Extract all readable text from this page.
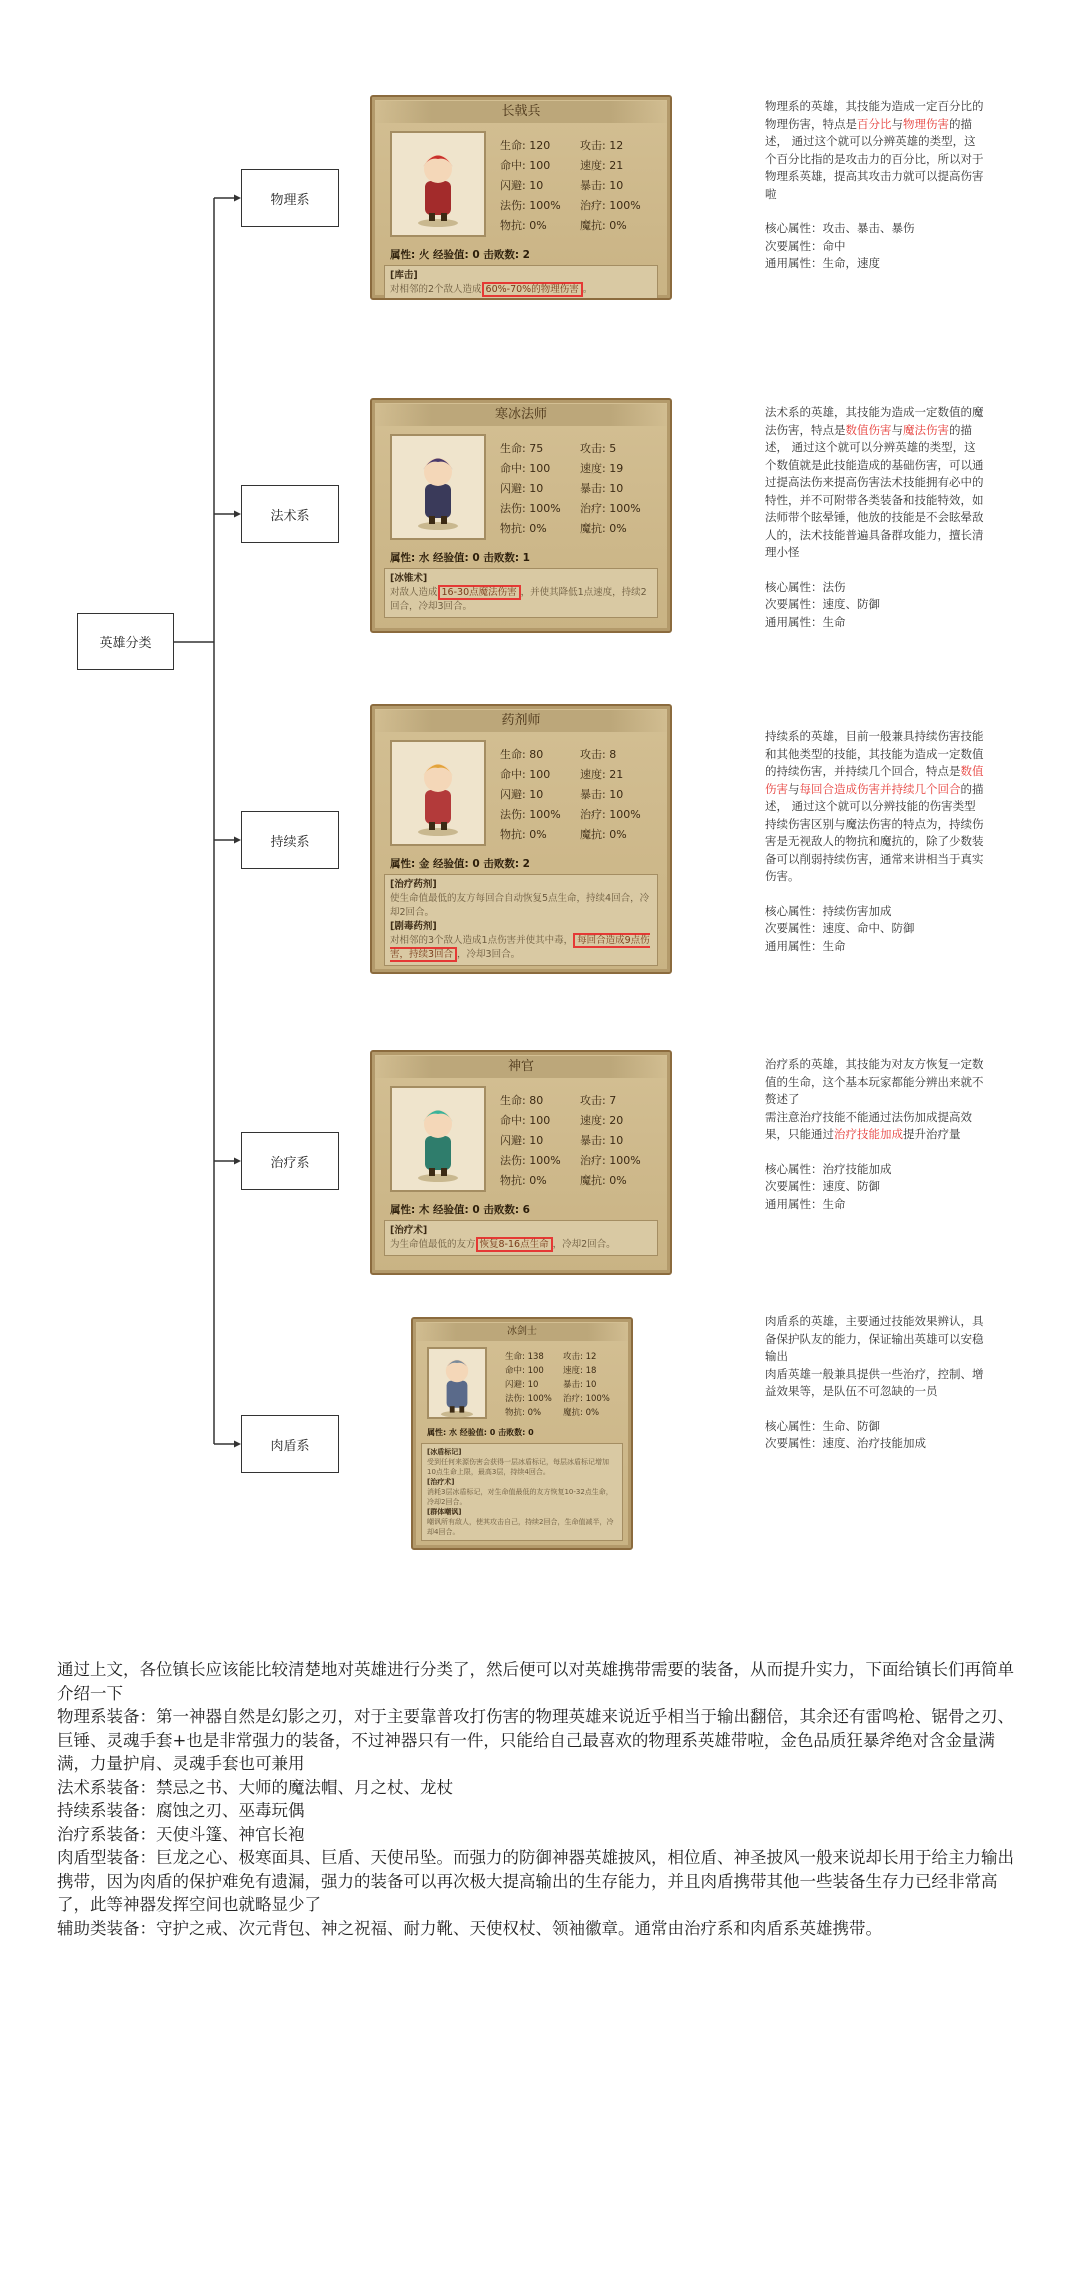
英雄分类
物理系
长戟兵
生命: 120	攻击: 12
命中: 100	速度: 21
闪避: 10	暴击: 10
法伤: 100%	治疗: 100%
物抗: 0%	魔抗: 0%
属性: 火 经验值: 0 击败数: 2
[库击]
对相邻的2个敌人造成 60%-70%的物理伤害 。
物理系的英雄，其技能为造成一定百分比的物理伤害，特点是百分比与物理伤害的描述， 通过这个就可以分辨英雄的类型，这个百分比指的是攻击力的百分比，所以对于物理系英雄，提高其攻击力就可以提高伤害啦
核心属性：攻击、暴击、暴伤
次要属性：命中
通用属性：生命，速度
法术系
寒冰法师
生命: 75	攻击: 5
命中: 100	速度: 19
闪避: 10	暴击: 10
法伤: 100%	治疗: 100%
物抗: 0%	魔抗: 0%
属性: 水 经验值: 0 击败数: 1
[冰锥术]
对敌人造成 16-30点魔法伤害 ，并使其降低1点速度，持续2回合，冷却3回合。
法术系的英雄，其技能为造成一定数值的魔法伤害，特点是数值伤害与魔法伤害的描述， 通过这个就可以分辨英雄的类型，这个数值就是此技能造成的基础伤害，可以通过提高法伤来提高伤害法术技能拥有必中的特性，并不可附带各类装备和技能特效，如法师带个眩晕锤，他放的技能是不会眩晕敌人的，法术技能普遍具备群攻能力，擅长清理小怪
核心属性：法伤
次要属性：速度、防御
通用属性：生命
持续系
药剂师
生命: 80	攻击: 8
命中: 100	速度: 21
闪避: 10	暴击: 10
法伤: 100%	治疗: 100%
物抗: 0%	魔抗: 0%
属性: 金 经验值: 0 击败数: 2
[治疗药剂]
使生命值最低的友方每回合自动恢复5点生命，持续4回合，冷却2回合。

[剧毒药剂]
对相邻的3个敌人造成1点伤害并使其中毒， 每回合造成9点伤害，持续3回合 ，冷却3回合。
持续系的英雄，目前一般兼具持续伤害技能和其他类型的技能，其技能为造成一定数值的持续伤害，并持续几个回合，特点是数值伤害与每回合造成伤害并持续几个回合的描述， 通过这个就可以分辨技能的伤害类型
持续伤害区别与魔法伤害的特点为，持续伤害是无视敌人的物抗和魔抗的，除了少数装备可以削弱持续伤害，通常来讲相当于真实伤害。
核心属性：持续伤害加成
次要属性：速度、命中、防御
通用属性：生命
治疗系
神官
生命: 80	攻击: 7
命中: 100	速度: 20
闪避: 10	暴击: 10
法伤: 100%	治疗: 100%
物抗: 0%	魔抗: 0%
属性: 木 经验值: 0 击败数: 6
[治疗术]
为生命值最低的友方 恢复8-16点生命 ，冷却2回合。
治疗系的英雄，其技能为对友方恢复一定数值的生命，这个基本玩家都能分辨出来就不赘述了
需注意治疗技能不能通过法伤加成提高效果，只能通过治疗技能加成提升治疗量
核心属性：治疗技能加成
次要属性：速度、防御
通用属性：生命
肉盾系
冰剑士
生命: 138	攻击: 12
命中: 100	速度: 18
闪避: 10	暴击: 10
法伤: 100%	治疗: 100%
物抗: 0%	魔抗: 0%
属性: 水 经验值: 0 击败数: 0
[冰盾标记]
受到任何来源伤害会获得一层冰盾标记，每层冰盾标记增加10点生命上限，最高3层，持续4回合。

[治疗术]
消耗3层冰盾标记，对生命值最低的友方恢复10-32点生命，冷却2回合。

[群体嘲讽]
嘲讽所有敌人，使其攻击自己，持续2回合，生命值减半，冷却4回合。
肉盾系的英雄，主要通过技能效果辨认，具备保护队友的能力，保证输出英雄可以安稳输出
肉盾英雄一般兼具提供一些治疗，控制、增益效果等，是队伍不可忽缺的一员
核心属性：生命、防御
次要属性：速度、治疗技能加成

通过上文，各位镇长应该能比较清楚地对英雄进行分类了，然后便可以对英雄携带需要的装备，从而提升实力，下面给镇长们再简单介绍一下

物理系装备：第一神器自然是幻影之刃，对于主要靠普攻打伤害的物理英雄来说近乎相当于输出翻倍，其余还有雷鸣枪、锯骨之刃、巨锤、灵魂手套+也是非常强力的装备，不过神器只有一件，只能给自己最喜欢的物理系英雄带啦，金色品质狂暴斧绝对含金量满满，力量护肩、灵魂手套也可兼用

法术系装备：禁忌之书、大师的魔法帽、月之杖、龙杖

持续系装备：腐蚀之刃、巫毒玩偶

治疗系装备：天使斗篷、神官长袍

肉盾型装备：巨龙之心、极寒面具、巨盾、天使吊坠。而强力的防御神器英雄披风，相位盾、神圣披风一般来说却长用于给主力输出携带，因为肉盾的保护难免有遗漏，强力的装备可以再次极大提高输出的生存能力，并且肉盾携带其他一些装备生存力已经非常高了，此等神器发挥空间也就略显少了

辅助类装备：守护之戒、次元背包、神之祝福、耐力靴、天使权杖、领袖徽章。通常由治疗系和肉盾系英雄携带。
